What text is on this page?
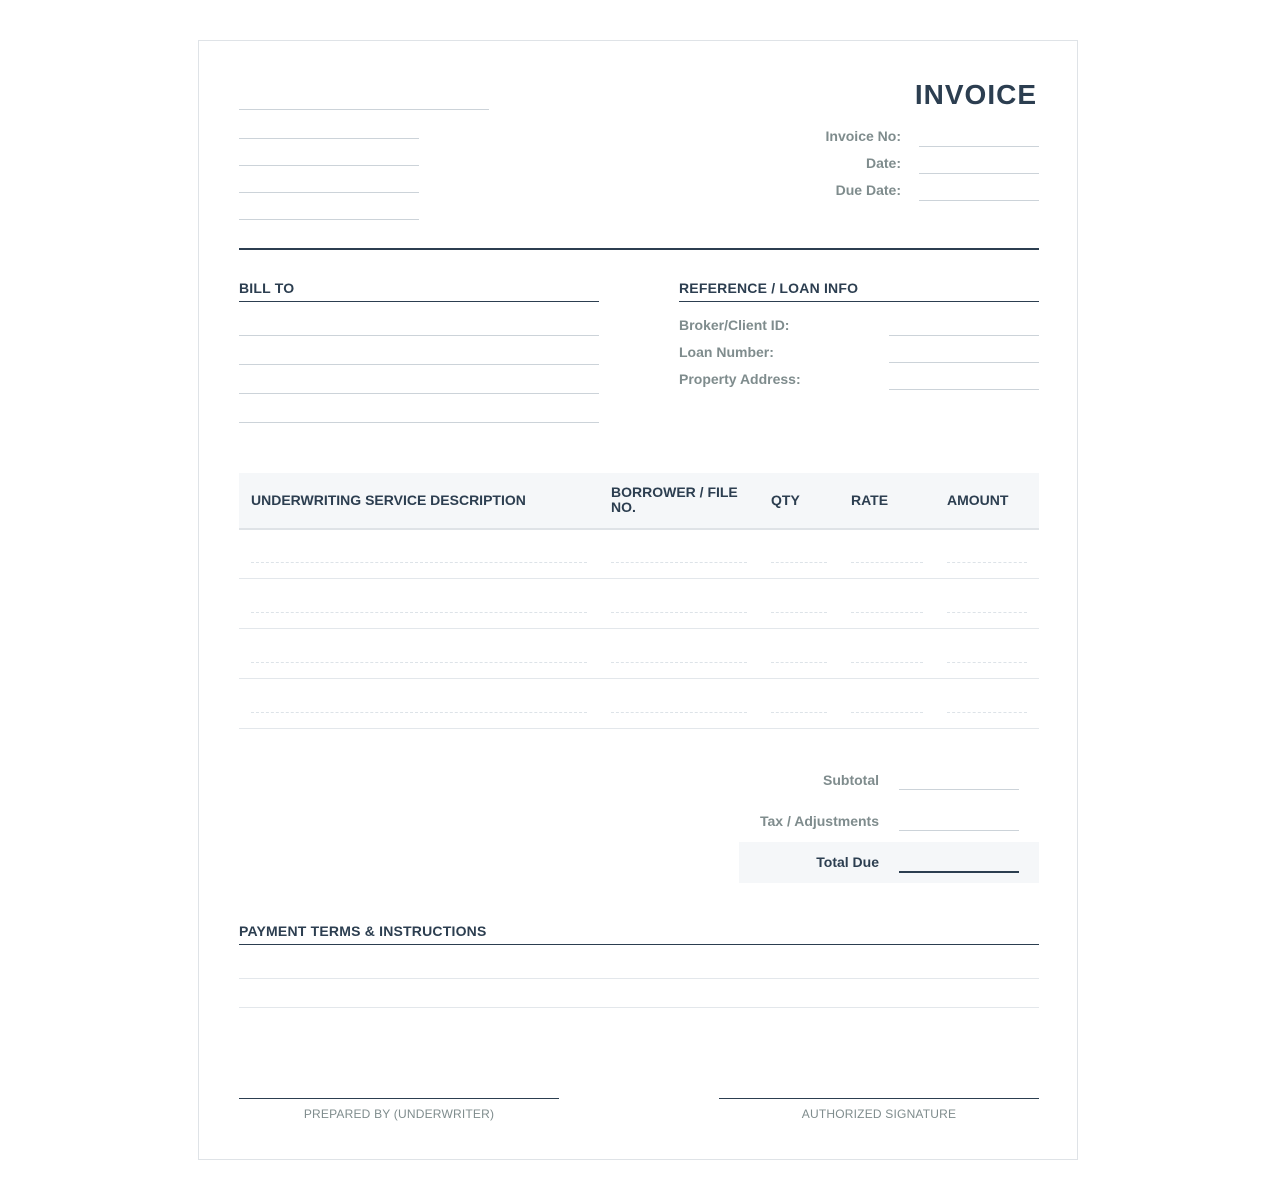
INVOICE
Invoice No:
Date:
Due Date:
BILL TO	REFERENCE / LOAN INFO
Broker/Client ID:
Loan Number:
Property Address:
UNDERWRITING SERVICE DESCRIPTION	BORROWER / FILE NO.	QTY	RATE	AMOUNT
Subtotal
Tax / Adjustments
Total Due
PAYMENT TERMS & INSTRUCTIONS
PREPARED BY (UNDERWRITER)	AUTHORIZED SIGNATURE
